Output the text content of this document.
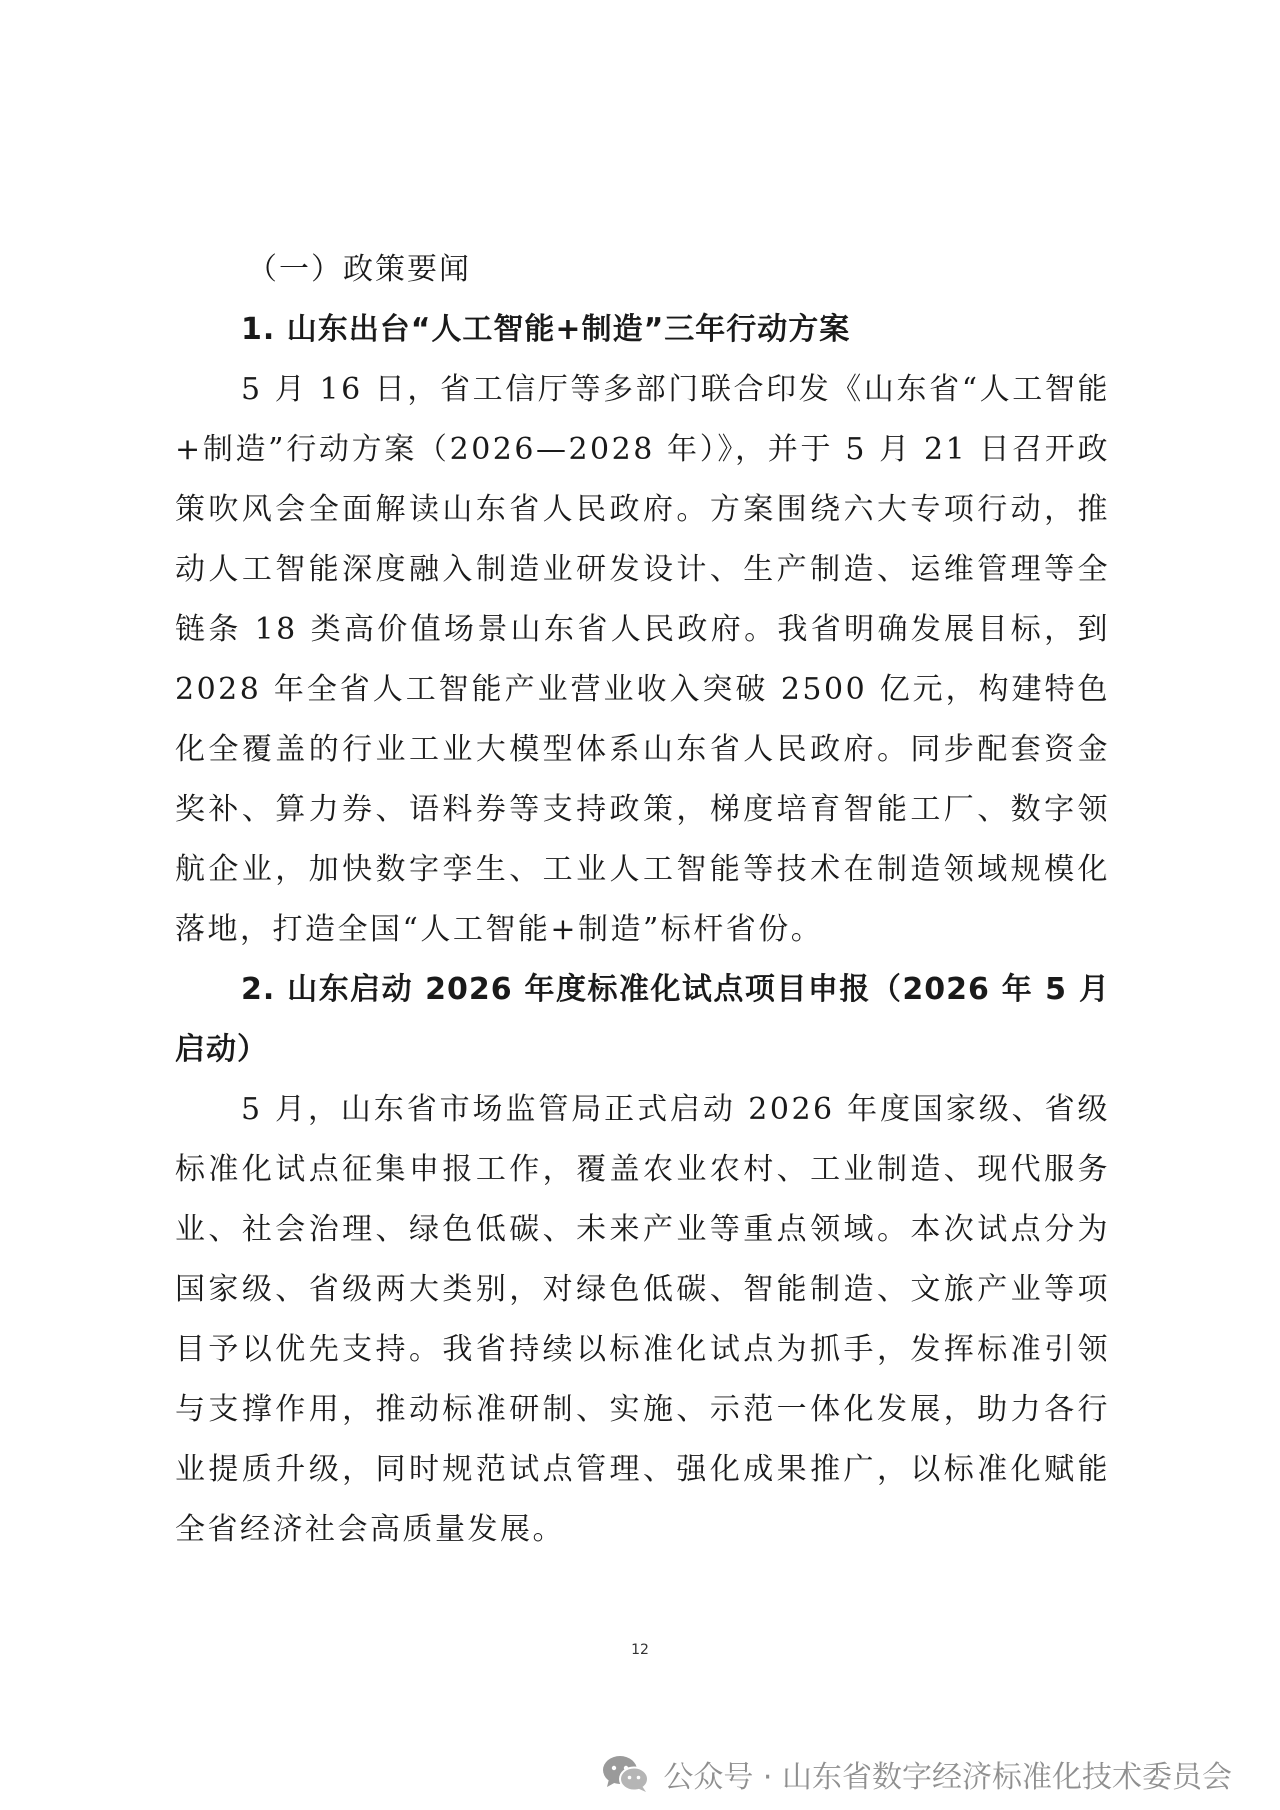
（一）政策要闻

1. 山东出台“人工智能+制造”三年行动方案

5 月 16 日，省工信厅等多部门联合印发《山东省“人工智能+制造”行动方案（2026—2028 年）》，并于 5 月 21 日召开政策吹风会全面解读山东省人民政府。方案围绕六大专项行动，推动人工智能深度融入制造业研发设计、生产制造、运维管理等全链条 18 类高价值场景山东省人民政府。我省明确发展目标，到 2028 年全省人工智能产业营业收入突破 2500 亿元，构建特色化全覆盖的行业工业大模型体系山东省人民政府。同步配套资金奖补、算力券、语料券等支持政策，梯度培育智能工厂、数字领航企业，加快数字孪生、工业人工智能等技术在制造领域规模化落地，打造全国“人工智能+制造”标杆省份。

2. 山东启动 2026 年度标准化试点项目申报（2026 年 5 月启动）

5 月，山东省市场监管局正式启动 2026 年度国家级、省级标准化试点征集申报工作，覆盖农业农村、工业制造、现代服务业、社会治理、绿色低碳、未来产业等重点领域。本次试点分为国家级、省级两大类别，对绿色低碳、智能制造、文旅产业等项目予以优先支持。我省持续以标准化试点为抓手，发挥标准引领与支撑作用，推动标准研制、实施、示范一体化发展，助力各行业提质升级，同时规范试点管理、强化成果推广，以标准化赋能全省经济社会高质量发展。

12
公众号 · 山东省数字经济标准化技术委员会
